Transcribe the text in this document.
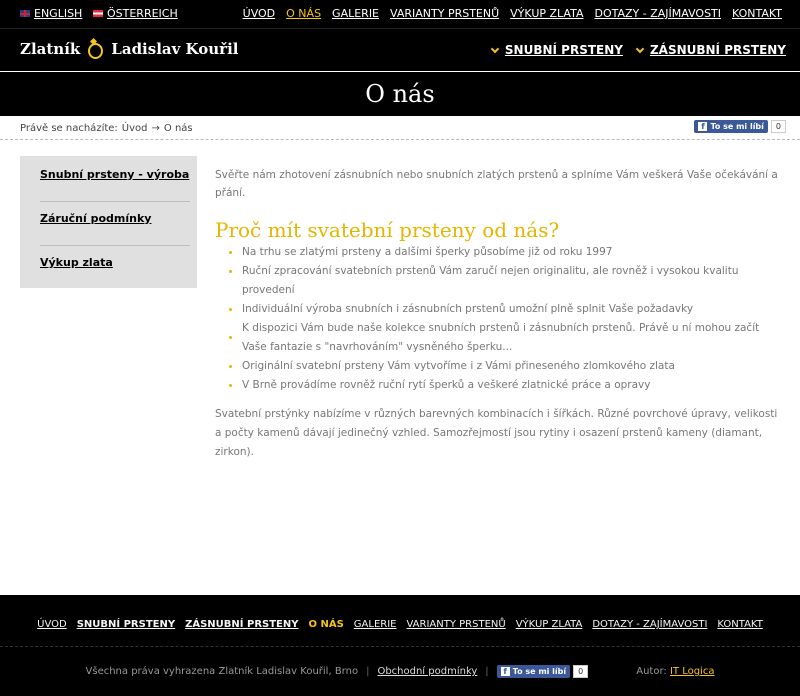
ENGLISH ÖSTERREICH	ÚVOD O NÁS GALERIE VARIANTY PRSTENŮ VÝKUP ZLATA DOTAZY - ZAJÍMAVOSTI KONTAKT
Zlatník Ladislav Kouřil	SNUBNÍ PRSTENY ZÁSNUBNÍ PRSTENY
O nás
Právě se nacházíte: Úvod → O nás	f To se mi líbí	0
Snubní prsteny - výroba
Záruční podmínky
Výkup zlata

Svěřte nám zhotovení zásnubních nebo snubních zlatých prstenů a splníme Vám veškerá Vaše očekávání a přání.

Proč mít svatební prsteny od nás?
Na trhu se zlatými prsteny a dalšími šperky působíme již od roku 1997
Ruční zpracování svatebních prstenů Vám zaručí nejen originalitu, ale rovněž i vysokou kvalitu provedení
Individuální výroba snubních i zásnubních prstenů umožní plně splnit Vaše požadavky
K dispozici Vám bude naše kolekce snubních prstenů i zásnubních prstenů. Právě u ní mohou začít Vaše fantazie s "navrhováním" vysněného šperku...
Originální svatební prsteny Vám vytvoříme i z Vámi přineseného zlomkového zlata
V Brně provádíme rovněž ruční rytí šperků a veškeré zlatnické práce a opravy

Svatební prstýnky nabízíme v různých barevných kombinacích i šířkách. Různé povrchové úpravy, velikosti a počty kamenů dávají jedinečný vzhled. Samozřejmostí jsou rytiny i osazení prstenů kameny (diamant, zirkon).

ÚVOD SNUBNÍ PRSTENY ZÁSNUBNÍ PRSTENY O NÁS GALERIE VARIANTY PRSTENŮ VÝKUP ZLATA DOTAZY - ZAJÍMAVOSTI KONTAKT
Všechna práva vyhrazena Zlatník Ladislav Kouřil, Brno | Obchodní podmínky |	f To se mi líbí	0	Autor: IT Logica
